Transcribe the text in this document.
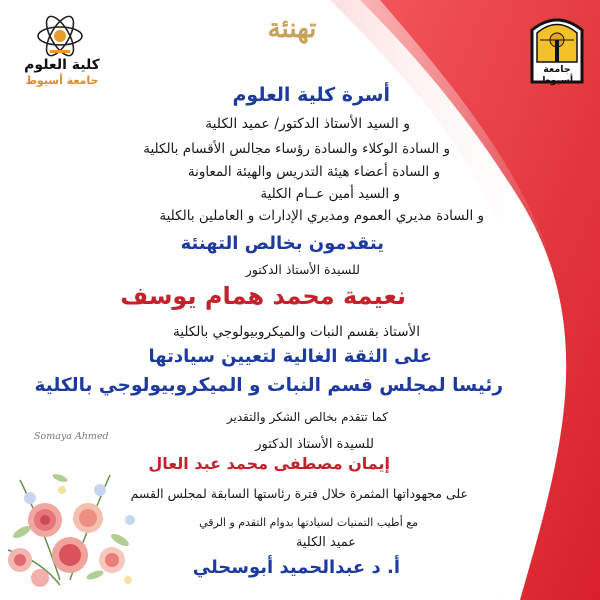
كلية العلوم
جامعة أسيوط
جامعة أسيوط
تهنئة
أسرة كلية العلوم
و السيد الأستاذ الدكتور/ عميد الكلية
و السادة الوكلاء والسادة رؤساء مجالس الأقسام بالكلية
و السادة أعضاء هيئة التدريس والهيئة المعاونة
و السيد أمين عــام الكلية
و السادة مديري العموم ومديري الإدارات و العاملين بالكلية
يتقدمون بخالص التهنئة
للسيدة الأستاذ الدكتور
نعيمة محمد همام يوسف
الأستاذ بقسم النبات والميكروبيولوجي بالكلية
على الثقة الغالية لتعيين سيادتها
رئيسا لمجلس قسم النبات و الميكروبيولوجي بالكلية
كما تتقدم بخالص الشكر والتقدير
للسيدة الأستاذ الدكتور
إيمان مصطفى محمد عبد العال
على مجهوداتها المثمرة خلال فترة رئاستها السابقة لمجلس القسم
مع أطيب التمنيات لسيادتها بدوام التقدم و الرقي
عميد الكلية
أ. د عبدالحميد أبوسحلي
Somaya Ahmed
